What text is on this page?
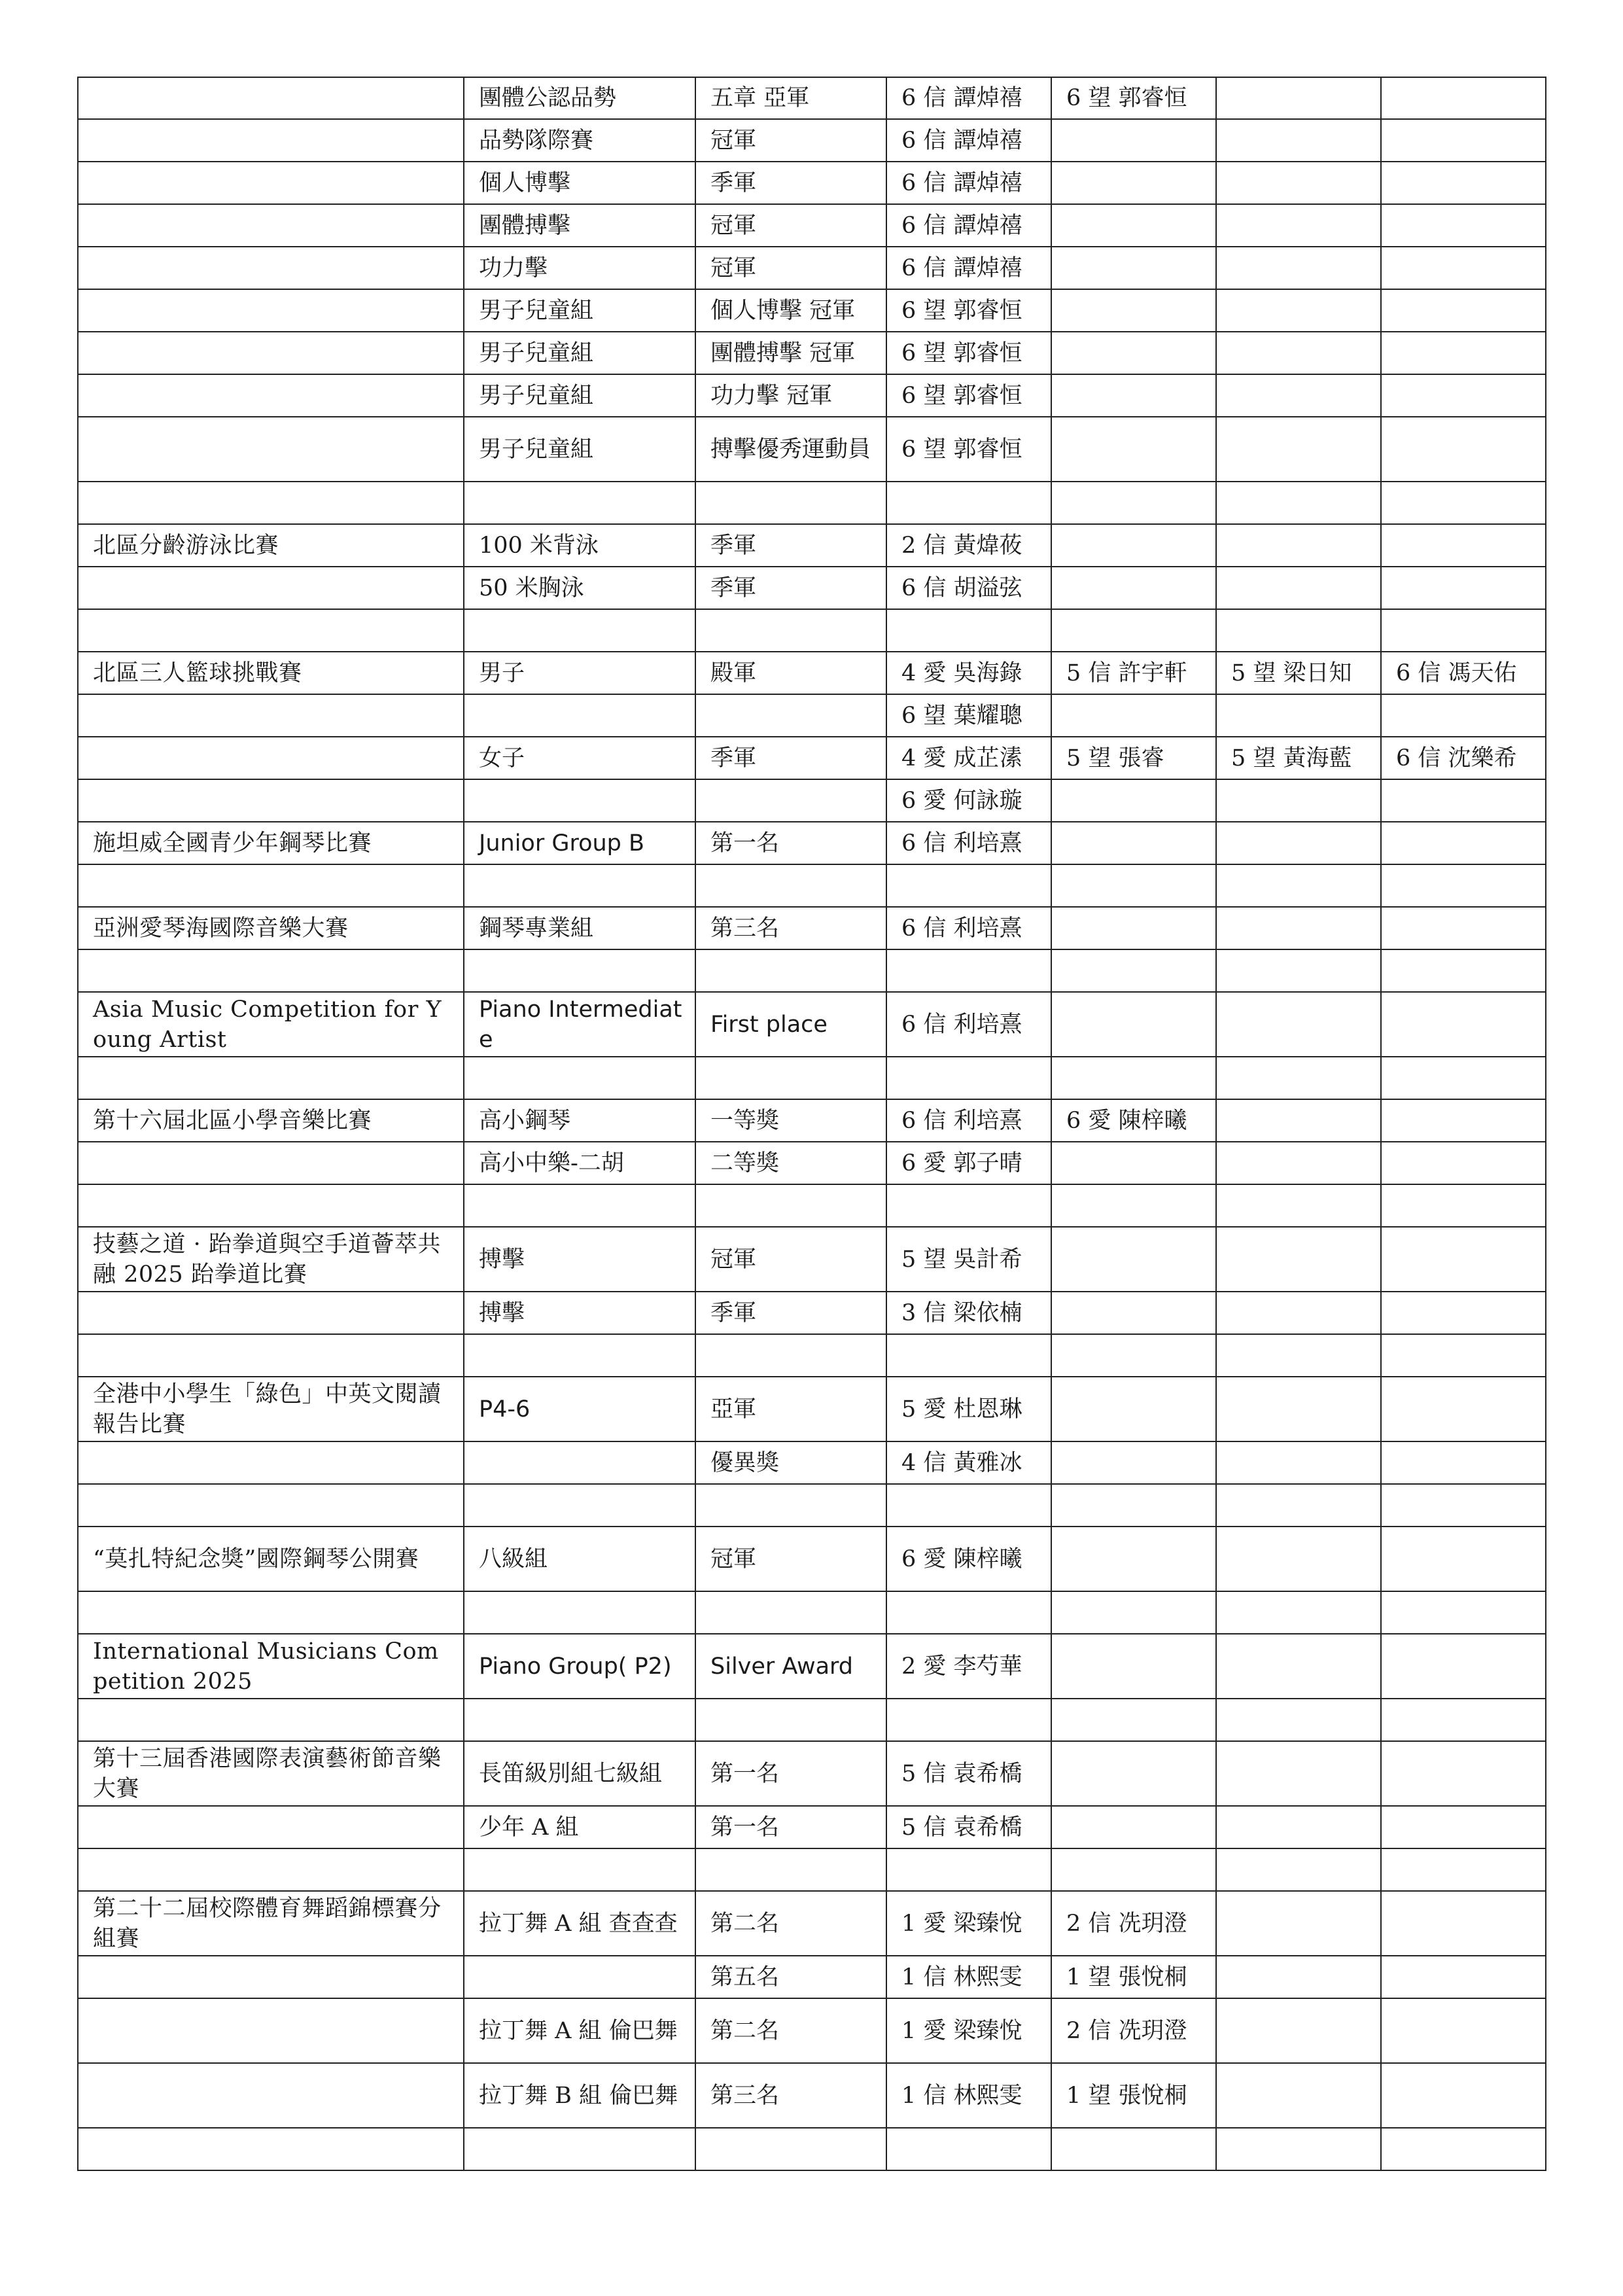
	團體公認品勢	五章 亞軍	6 信 譚焯禧	6 望 郭睿恒		
	品勢隊際賽	冠軍	6 信 譚焯禧			
	個人博擊	季軍	6 信 譚焯禧			
	團體搏擊	冠軍	6 信 譚焯禧			
	功力擊	冠軍	6 信 譚焯禧			
	男子兒童組	個人博擊 冠軍	6 望 郭睿恒			
	男子兒童組	團體搏擊 冠軍	6 望 郭睿恒			
	男子兒童組	功力擊 冠軍	6 望 郭睿恒			
	男子兒童組	搏擊優秀運動員	6 望 郭睿恒			

北區分齡游泳比賽	100 米背泳	季軍	2 信 黃煒莜			
	50 米胸泳	季軍	6 信 胡溢弦			

北區三人籃球挑戰賽	男子	殿軍	4 愛 吳海錄	5 信 許宇軒	5 望 梁日知	6 信 馮天佑
			6 望 葉耀聰			
	女子	季軍	4 愛 成芷溸	5 望 張睿	5 望 黃海藍	6 信 沈樂希
			6 愛 何詠璇			
施坦威全國青少年鋼琴比賽	Junior Group B	第一名	6 信 利培熹			

亞洲愛琴海國際音樂大賽	鋼琴專業組	第三名	6 信 利培熹			

Asia Music Competition for Young Artist	Piano Intermediate	First place	6 信 利培熹			

第十六屆北區小學音樂比賽	高小鋼琴	一等獎	6 信 利培熹	6 愛 陳梓曦		
	高小中樂-二胡	二等獎	6 愛 郭子晴			

技藝之道 · 跆拳道與空手道薈萃共融 2025 跆拳道比賽	搏擊	冠軍	5 望 吳計希			
	搏擊	季軍	3 信 梁依楠			

全港中小學生「綠色」中英文閱讀報告比賽	P4-6	亞軍	5 愛 杜恩琳			
		優異獎	4 信 黃雅冰			

“莫扎特紀念獎”國際鋼琴公開賽	八級組	冠軍	6 愛 陳梓曦			

International Musicians Competition 2025	Piano Group( P2)	Silver Award	2 愛 李芍華			

第十三屆香港國際表演藝術節音樂大賽	長笛級別組七級組	第一名	5 信 袁希橋			
	少年 A 組	第一名	5 信 袁希橋			

第二十二屆校際體育舞蹈錦標賽分組賽	拉丁舞 A 組 查查查	第二名	1 愛 梁臻悅	2 信 冼玥澄		
		第五名	1 信 林熙雯	1 望 張悅桐		
	拉丁舞 A 組 倫巴舞	第二名	1 愛 梁臻悅	2 信 冼玥澄		
	拉丁舞 B 組 倫巴舞	第三名	1 信 林熙雯	1 望 張悅桐		
